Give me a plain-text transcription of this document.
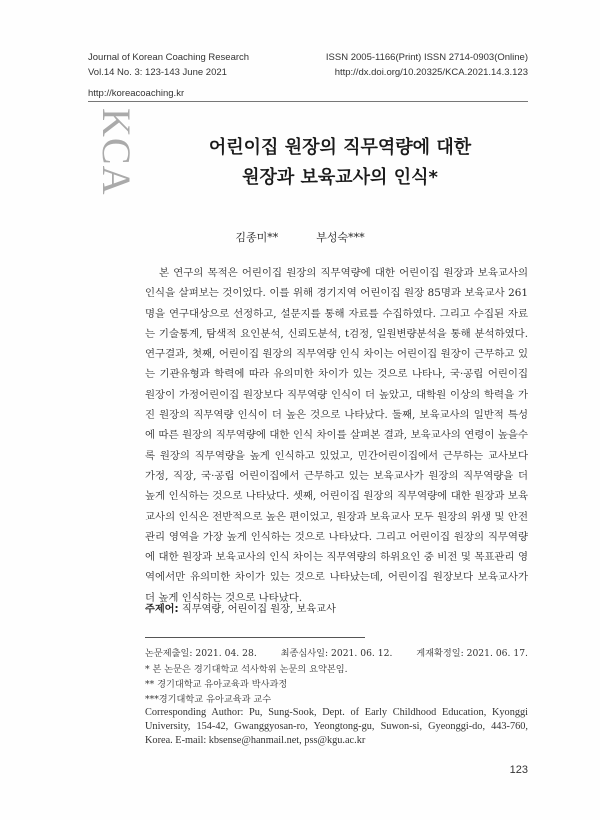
Journal of Korean Coaching Research
Vol.14 No. 3: 123-143 June 2021
ISSN 2005-1166(Print) ISSN 2714-0903(Online)
http://dx.doi.org/10.20325/KCA.2021.14.3.123
http://koreacoaching.kr
KCA	어린이집 원장의 직무역량에 대한
원장과 보육교사의 인식*
김종미**	부성숙***

본 연구의 목적은 어린이집 원장의 직무역량에 대한 어린이집 원장과 보육교사의 인식을 살펴보는 것이었다. 이를 위해 경기지역 어린이집 원장 85명과 보육교사 261명을 연구대상으로 선정하고, 설문지를 통해 자료를 수집하였다. 그리고 수집된 자료는 기술통계, 탐색적 요인분석, 신뢰도분석, t검정, 일원변량분석을 통해 분석하였다. 연구결과, 첫째, 어린이집 원장의 직무역량 인식 차이는 어린이집 원장이 근무하고 있는 기관유형과 학력에 따라 유의미한 차이가 있는 것으로 나타나, 국·공립 어린이집 원장이 가정어린이집 원장보다 직무역량 인식이 더 높았고, 대학원 이상의 학력을 가진 원장의 직무역량 인식이 더 높은 것으로 나타났다. 둘째, 보육교사의 일반적 특성에 따른 원장의 직무역량에 대한 인식 차이를 살펴본 결과, 보육교사의 연령이 높을수록 원장의 직무역량을 높게 인식하고 있었고, 민간어린이집에서 근무하는 교사보다 가정, 직장, 국·공립 어린이집에서 근무하고 있는 보육교사가 원장의 직무역량을 더 높게 인식하는 것으로 나타났다. 셋째, 어린이집 원장의 직무역량에 대한 원장과 보육교사의 인식은 전반적으로 높은 편이었고, 원장과 보육교사 모두 원장의 위생 및 안전관리 영역을 가장 높게 인식하는 것으로 나타났다. 그리고 어린이집 원장의 직무역량에 대한 원장과 보육교사의 인식 차이는 직무역량의 하위요인 중 비전 및 목표관리 영역에서만 유의미한 차이가 있는 것으로 나타났는데, 어린이집 원장보다 보육교사가 더 높게 인식하는 것으로 나타났다.

주제어: 직무역량, 어린이집 원장, 보육교사
논문제출일: 2021. 04. 28.	최종심사일: 2021. 06. 12.	게재확정일: 2021. 06. 17.
* 본 논문은 경기대학교 석사학위 논문의 요약본임.
** 경기대학교 유아교육과 박사과정
***경기대학교 유아교육과 교수
Corresponding Author: Pu, Sung-Sook, Dept. of Early Childhood Education, Kyonggi University, 154-42, Gwanggyosan-ro, Yeongtong-gu, Suwon-si, Gyeonggi-do, 443-760, Korea. E-mail: kbsense@hanmail.net, pss@kgu.ac.kr
123
